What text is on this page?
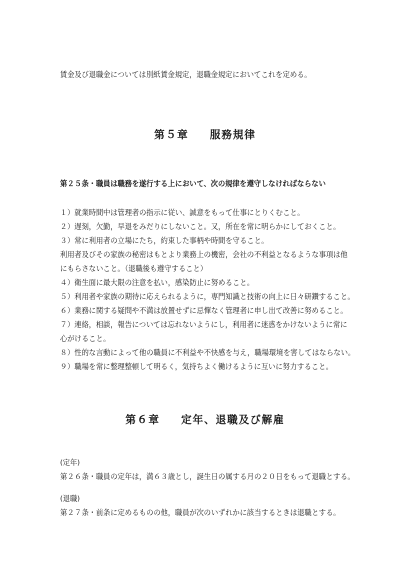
賃金及び退職金については別紙賃金規定，退職金規定においてこれを定める。
第５章 服務規律
第２５条・職員は職務を遂行する上において、次の規律を遵守しなければならない
１）就業時間中は管理者の指示に従い、誠意をもって仕事にとりくむこと。
２）遅刻，欠勤，早退をみだりにしないこと。又，所在を常に明らかにしておくこと。
３）常に利用者の立場にたち，約束した事柄や時間を守ること。
利用者及びその家族の秘密はもとより業務上の機密，会社の不利益となるような事項は他
にもらさないこと。（退職後も遵守すること）
４）衛生面に最大限の注意を払い，感染防止に努めること。
５）利用者や家族の期待に応えられるように，専門知識と技術の向上に日々研鑽すること。
６）業務に関する疑問や不満は放置せずに忌憚なく管理者に申し出て改善に努めること。
７）連絡，相談，報告については忘れないようにし，利用者に迷惑をかけないように常に
心がけること。
８）性的な言動によって他の職員に不利益や不快感を与え，職場環境を害してはならない。
９）職場を常に整理整頓して明るく，気持ちよく働けるように互いに努力すること。
第６章 定年、退職及び解雇
(定年)
第２６条・職員の定年は，満６３歳とし，誕生日の属する月の２０日をもって退職とする。
(退職)
第２７条・前条に定めるものの他，職員が次のいずれかに該当するときは退職とする。
